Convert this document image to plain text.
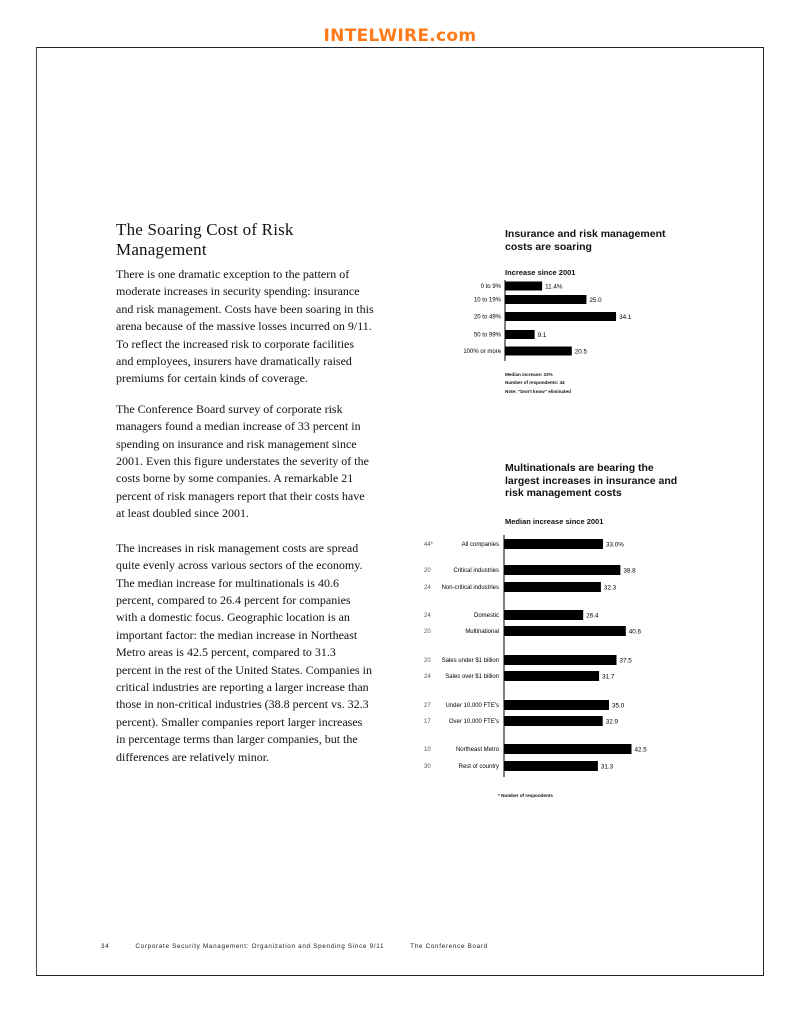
INTELWIRE.com
The Soaring Cost of Risk Management

There is one dramatic exception to the pattern of moderate increases in security spending: insurance and risk management. Costs have been soaring in this arena because of the massive losses incurred on 9/11. To reflect the increased risk to corporate facilities and employees, insurers have dramatically raised premiums for certain kinds of coverage.

The Conference Board survey of corporate risk managers found a median increase of 33 percent in spending on insurance and risk management since 2001. Even this figure understates the severity of the costs borne by some companies. A remarkable 21 percent of risk managers report that their costs have at least doubled since 2001.

The increases in risk management costs are spread quite evenly across various sectors of the economy. The median increase for multinationals is 40.6 percent, compared to 26.4 percent for companies with a domestic focus. Geographic location is an important factor: the median increase in Northeast Metro areas is 42.5 percent, compared to 31.3 percent in the rest of the United States. Companies in critical industries are reporting a larger increase than those in non-critical industries (38.8 percent vs. 32.3 percent). Smaller companies report larger increases in percentage terms than larger companies, but the differences are relatively minor.

Insurance and risk management costs are soaring
Increase since 2001
Median increase: 33%
Number of respondents: 44
Note: "Don't know" eliminated
Multinationals are bearing the largest increases in insurance and risk management costs
Median increase since 2001
* Number of respondents
0 to 9%	11.4%
10 to 19%	25.0
20 to 49%	34.1
50 to 99%	9.1
100% or more	20.5
All companies
44*	33.0%
Critical industries
20	38.8
Non-critical industries
24	32.3
Domestic
24	26.4
Multinational
20	40.6
Sales under $1 billion
20	37.5
Sales over $1 billion
24	31.7
Under 10,000 FTE's
27	35.0
Over 10,000 FTE's
17	32.9
Northeast Metro
10	42.5
Rest of country
30	31.3
34	Corporate Security Management: Organization and Spending Since 9/11	The Conference Board
